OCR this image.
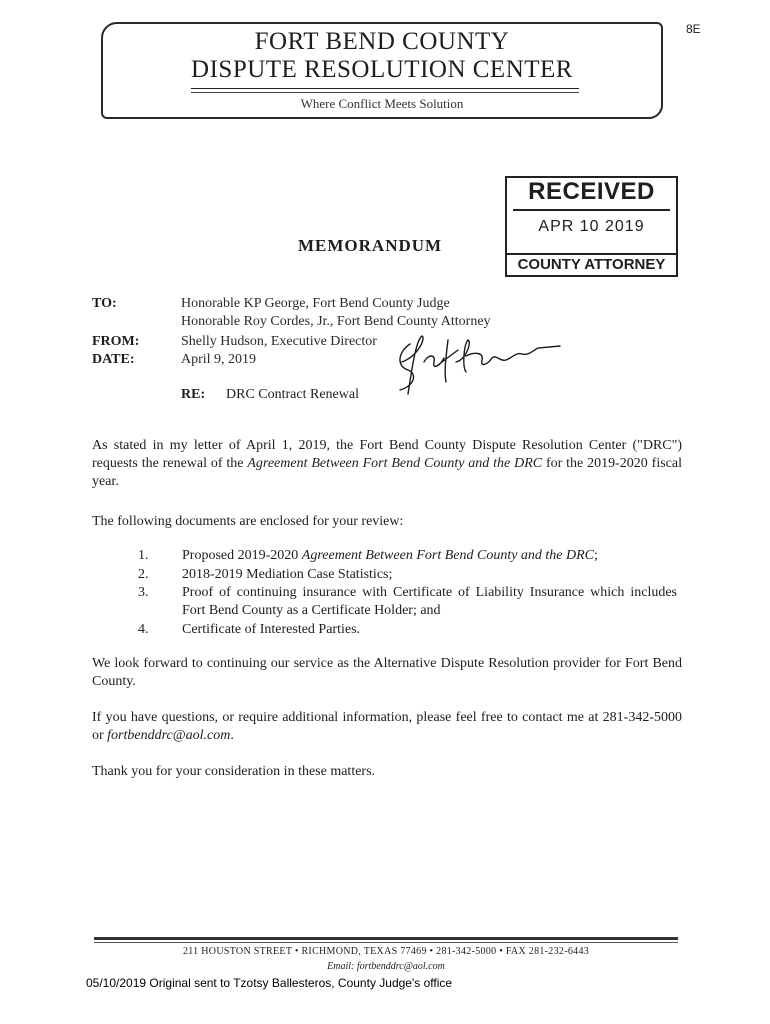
8E
FORT BEND COUNTY
DISPUTE RESOLUTION CENTER
Where Conflict Meets Solution
RECEIVED
APR 10 2019
COUNTY ATTORNEY
MEMORANDUM
TO:	Honorable KP George, Fort Bend County Judge
Honorable Roy Cordes, Jr., Fort Bend County Attorney
FROM:	Shelly Hudson, Executive Director
DATE:	April 9, 2019
RE: DRC Contract Renewal
As stated in my letter of April 1, 2019, the Fort Bend County Dispute Resolution Center ("DRC") requests the renewal of the Agreement Between Fort Bend County and the DRC for the 2019-2020 fiscal year.
The following documents are enclosed for your review:
1.	Proposed 2019-2020 Agreement Between Fort Bend County and the DRC;
2.	2018-2019 Mediation Case Statistics;
3.	Proof of continuing insurance with Certificate of Liability Insurance which includes Fort Bend County as a Certificate Holder; and
4.	Certificate of Interested Parties.
We look forward to continuing our service as the Alternative Dispute Resolution provider for Fort Bend County.
If you have questions, or require additional information, please feel free to contact me at 281-342-5000 or fortbenddrc@aol.com.
Thank you for your consideration in these matters.
211 HOUSTON STREET • RICHMOND, TEXAS 77469 • 281-342-5000 • FAX 281-232-6443
Email: fortbenddrc@aol.com
05/10/2019 Original sent to Tzotsy Ballesteros, County Judge's office
